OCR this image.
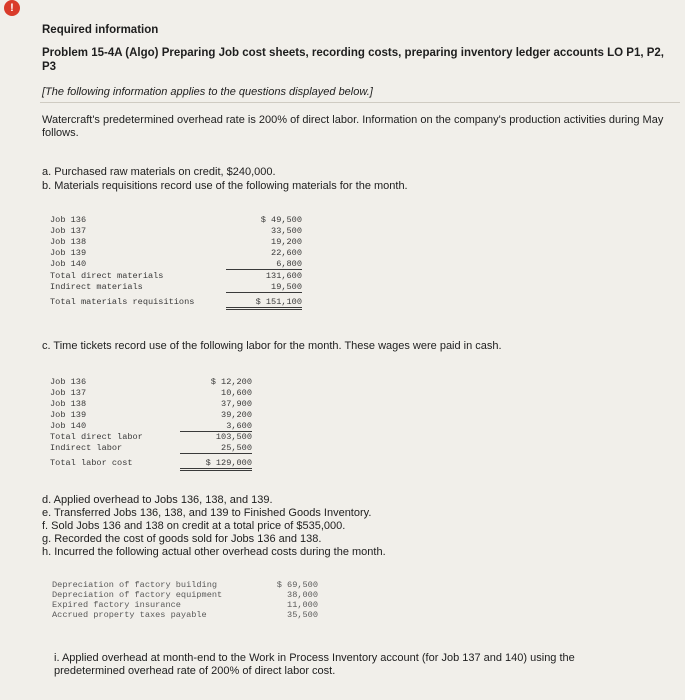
!
Required information
Problem 15-4A (Algo) Preparing Job cost sheets, recording costs, preparing inventory ledger accounts LO P1, P2, P3
[The following information applies to the questions displayed below.]
Watercraft's predetermined overhead rate is 200% of direct labor. Information on the company's production activities during May follows.
a. Purchased raw materials on credit, $240,000.
b. Materials requisitions record use of the following materials for the month.
Job 136	$ 49,500
Job 137	33,500
Job 138	19,200
Job 139	22,600
Job 140	6,800
Total direct materials	131,600
Indirect materials	19,500
Total materials requisitions	$ 151,100
c. Time tickets record use of the following labor for the month. These wages were paid in cash.
Job 136	$ 12,200
Job 137	10,600
Job 138	37,900
Job 139	39,200
Job 140	3,600
Total direct labor	103,500
Indirect labor	25,500
Total labor cost	$ 129,000
d. Applied overhead to Jobs 136, 138, and 139.
e. Transferred Jobs 136, 138, and 139 to Finished Goods Inventory.
f. Sold Jobs 136 and 138 on credit at a total price of $535,000.
g. Recorded the cost of goods sold for Jobs 136 and 138.
h. Incurred the following actual other overhead costs during the month.
Depreciation of factory building	$ 69,500
Depreciation of factory equipment	38,000
Expired factory insurance	11,000
Accrued property taxes payable	35,500
i. Applied overhead at month-end to the Work in Process Inventory account (for Job 137 and 140) using the predetermined overhead rate of 200% of direct labor cost.
